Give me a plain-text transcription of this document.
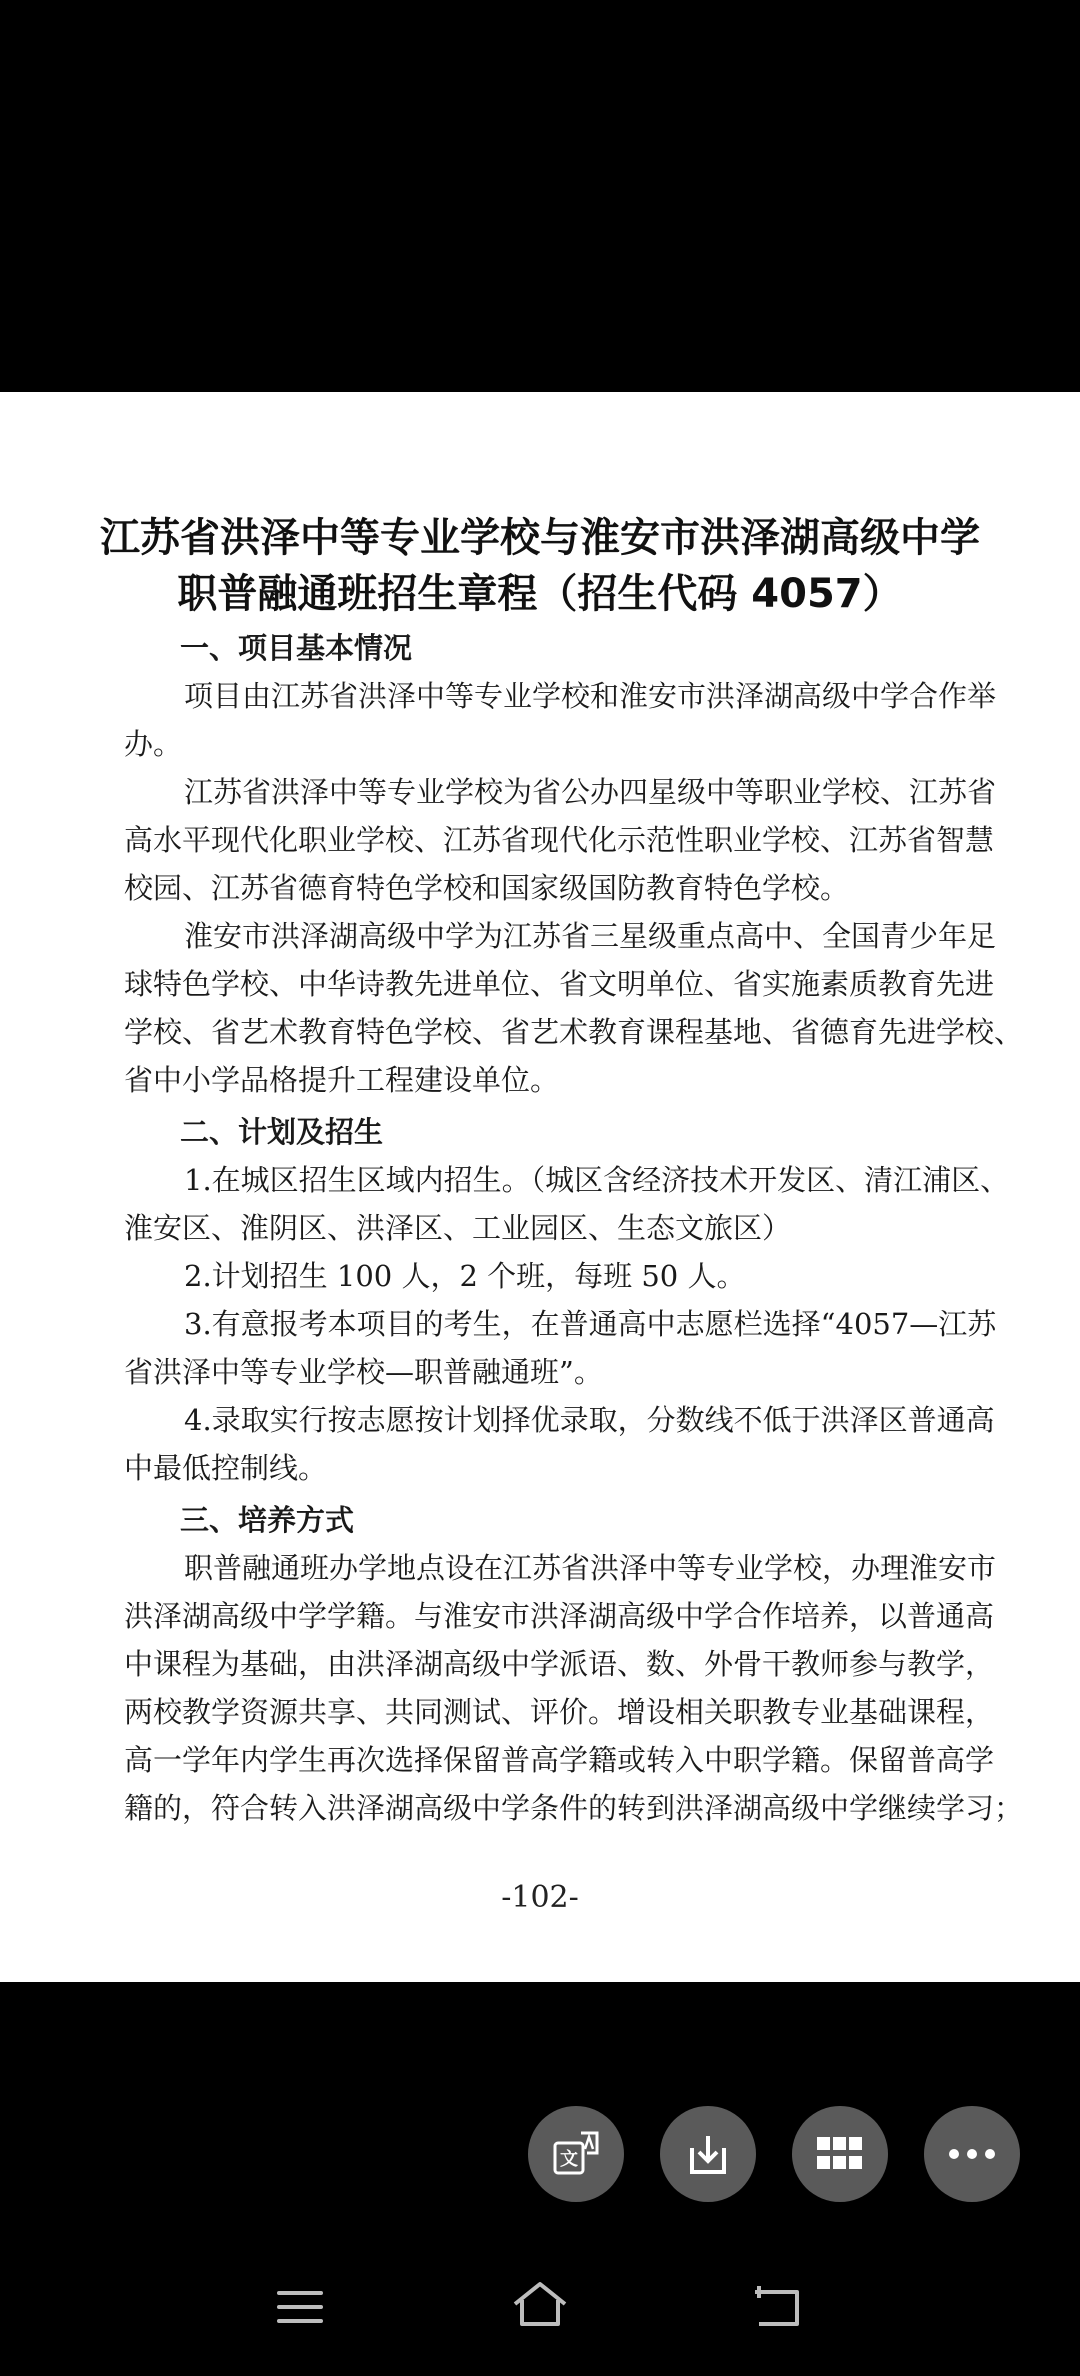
江苏省洪泽中等专业学校与淮安市洪泽湖高级中学
职普融通班招生章程（招生代码 4057）
一、项目基本情况
项目由江苏省洪泽中等专业学校和淮安市洪泽湖高级中学合作举
办。
江苏省洪泽中等专业学校为省公办四星级中等职业学校、江苏省
高水平现代化职业学校、江苏省现代化示范性职业学校、江苏省智慧
校园、江苏省德育特色学校和国家级国防教育特色学校。
淮安市洪泽湖高级中学为江苏省三星级重点高中、全国青少年足
球特色学校、中华诗教先进单位、省文明单位、省实施素质教育先进
学校、省艺术教育特色学校、省艺术教育课程基地、省德育先进学校、
省中小学品格提升工程建设单位。
二、计划及招生
1.在城区招生区域内招生。（城区含经济技术开发区、清江浦区、
淮安区、淮阴区、洪泽区、工业园区、生态文旅区）
2.计划招生 100 人，2 个班，每班 50 人。
3.有意报考本项目的考生，在普通高中志愿栏选择“4057—江苏
省洪泽中等专业学校—职普融通班”。
4.录取实行按志愿按计划择优录取，分数线不低于洪泽区普通高
中最低控制线。
三、培养方式
职普融通班办学地点设在江苏省洪泽中等专业学校，办理淮安市
洪泽湖高级中学学籍。与淮安市洪泽湖高级中学合作培养，以普通高
中课程为基础，由洪泽湖高级中学派语、数、外骨干教师参与教学，
两校教学资源共享、共同测试、评价。增设相关职教专业基础课程，
高一学年内学生再次选择保留普高学籍或转入中职学籍。保留普高学
籍的，符合转入洪泽湖高级中学条件的转到洪泽湖高级中学继续学习；
-102-
文
